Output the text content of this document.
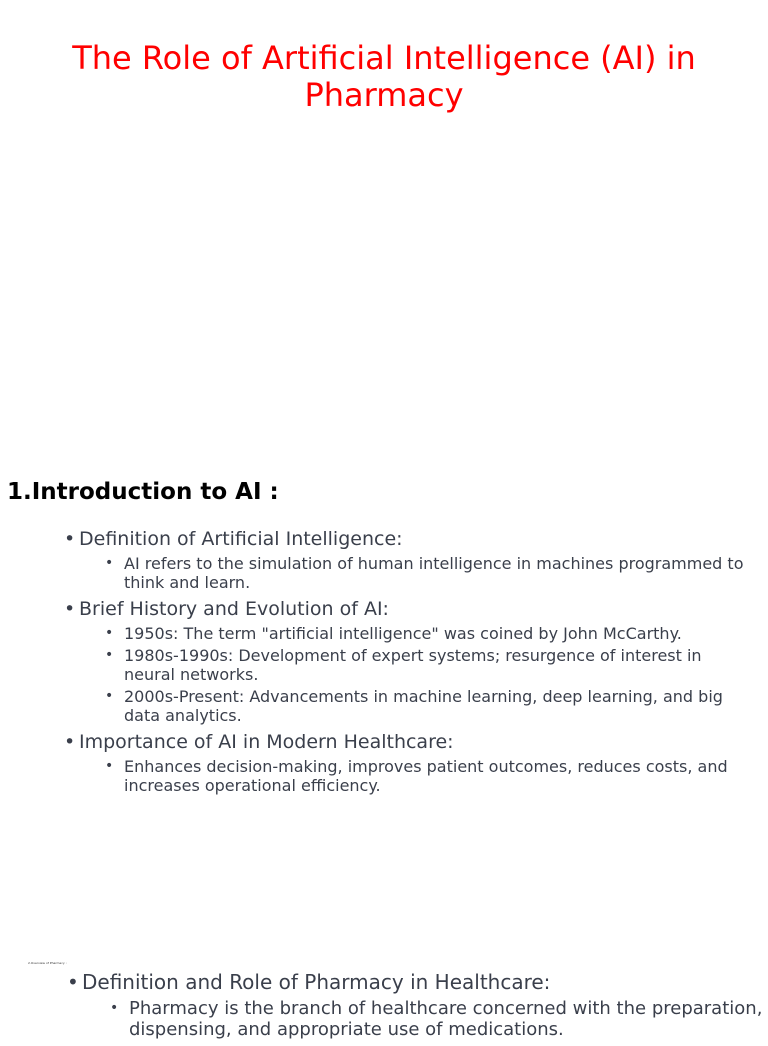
The Role of Artificial Intelligence (AI) in Pharmacy
1.Introduction to AI :
• Definition of Artificial Intelligence:
• AI refers to the simulation of human intelligence in machines programmed to think and learn.
• Brief History and Evolution of AI:
• 1950s: The term "artificial intelligence" was coined by John McCarthy.
• 1980s-1990s: Development of expert systems; resurgence of interest in neural networks.
• 2000s-Present: Advancements in machine learning, deep learning, and big data analytics.
• Importance of AI in Modern Healthcare:
• Enhances decision-making, improves patient outcomes, reduces costs, and increases operational efficiency.
2.Overview of Pharmacy :
• Definition and Role of Pharmacy in Healthcare:
• Pharmacy is the branch of healthcare concerned with the preparation, dispensing, and appropriate use of medications.
